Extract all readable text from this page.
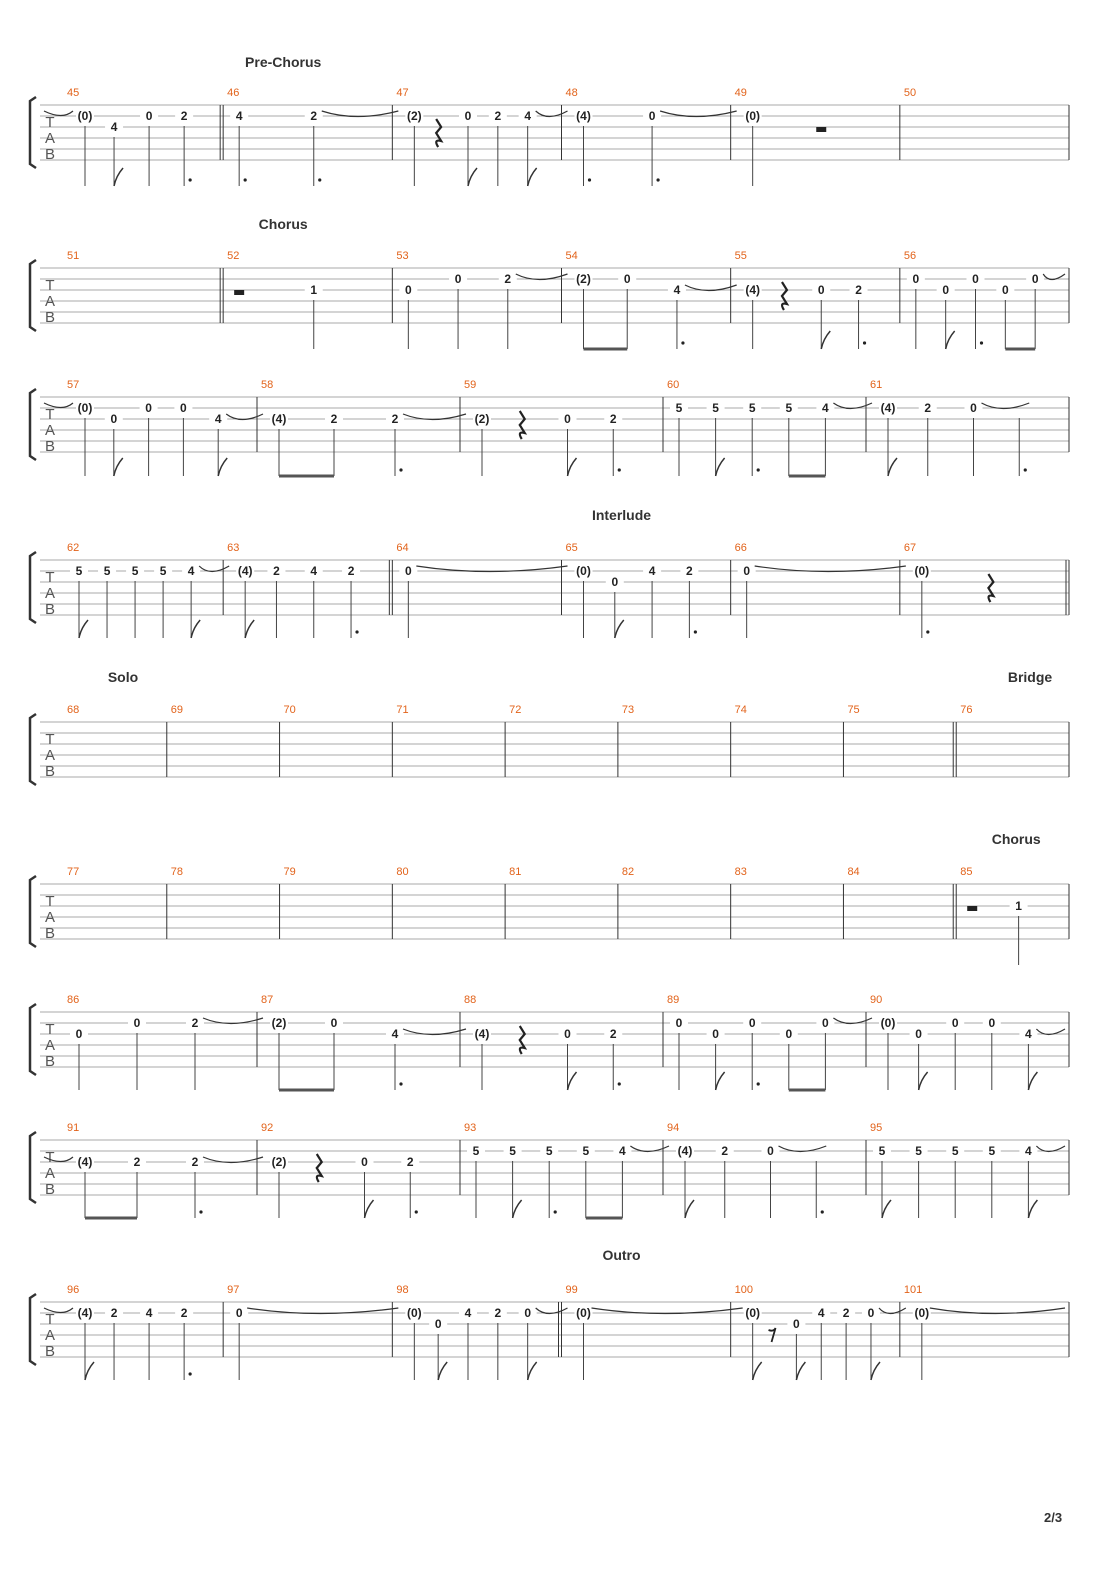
T
A
B
45
(0)
4
0 2
46
4	2
47
(2)	0 2 4
48
(4)	0
49
(0)
50
Pre-Chorus
T
A
B
51	52
1
53
0
0	2
54
(2)	0
4
55
(4)	0	2
56
0
0
0
0
0
Chorus
T
A
B
57
(0)
0
0 0
4
58
(4)	2	2
59
(2)	0	2
60
5 5 5 5 4
61
(4) 2	0
T
A
B
62
5 5 5 5 4
63
(4) 2	4	2
64
0
65
(0)
0
4	2
66
0
67
(0)
Interlude
T
A
B
68	69	70	71	72	73	74	75	76
Solo	Bridge
T
A
B
77	78	79	80	81	82	83	84	85
1
Chorus
T
A
B
86
0
0	2
87
(2)	0
4
88
(4)	0	2
89
0
0
0
0
0
90
(0)
0
0 0
4
T
A
B
91
(4)	2	2
92
(2)	0	2
93
5 5 5 5 4
94
(4) 2	0
95
5 5 5 5 4
T
A
B
96
(4) 2 4 2
97
0
98
(0)
0
4 2 0
99
(0)
100
(0)
0
4 2 0
101
(0)
Outro
2/3
